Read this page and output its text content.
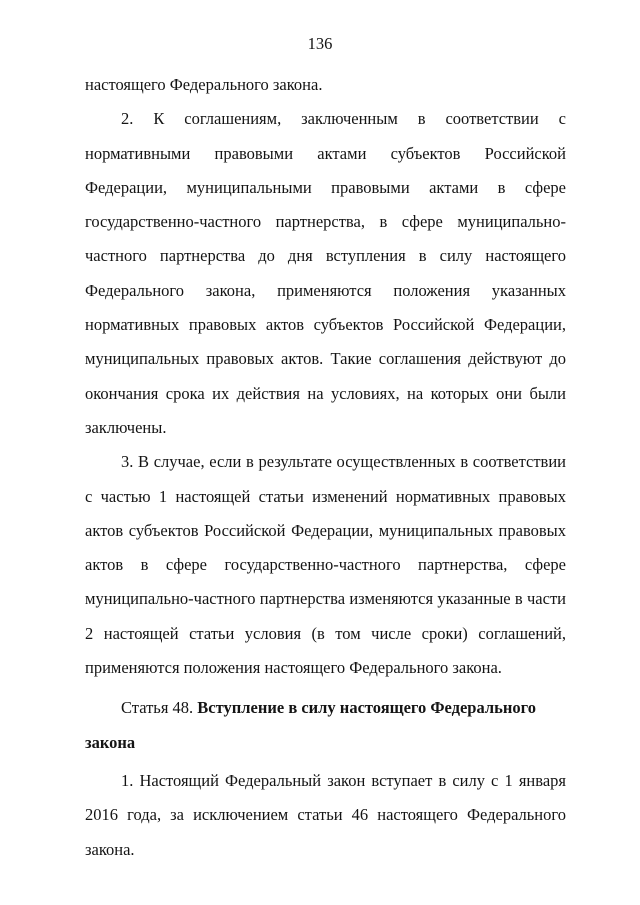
136

настоящего Федерального закона.

2. К соглашениям, заключенным в соответствии с нормативными правовыми актами субъектов Российской Федерации, муниципальными правовыми актами в сфере государственно-частного партнерства, в сфере муниципально-частного партнерства до дня вступления в силу настоящего Федерального закона, применяются положения указанных нормативных правовых актов субъектов Российской Федерации, муниципальных правовых актов. Такие соглашения действуют до окончания срока их действия на условиях, на которых они были заключены.

3. В случае, если в результате осуществленных в соответствии с частью 1 настоящей статьи изменений нормативных правовых актов субъектов Российской Федерации, муниципальных правовых актов в сфере государственно-частного партнерства, сфере муниципально-частного партнерства изменяются указанные в части 2 настоящей статьи условия (в том числе сроки) соглашений, применяются положения настоящего Федерального закона.

Статья 48. Вступление в силу настоящего Федерального закона

1. Настоящий Федеральный закон вступает в силу с 1 января 2016 года, за исключением статьи 46 настоящего Федерального закона.
